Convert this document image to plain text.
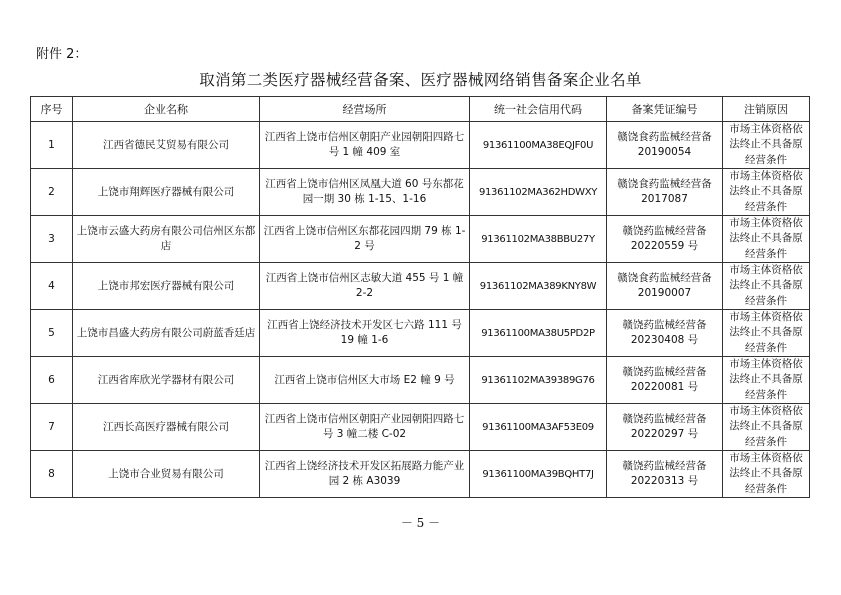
附件 2：
取消第二类医疗器械经营备案、医疗器械网络销售备案企业名单
序号	企业名称	经营场所	统一社会信用代码	备案凭证编号	注销原因
1	江西省德民艾贸易有限公司	江西省上饶市信州区朝阳产业园朝阳四路七号 1 幢 409 室	91361100MA38EQJF0U	赣饶食药监械经营备 20190054	市场主体资格依法终止不具备原经营条件
2	上饶市翔辉医疗器械有限公司	江西省上饶市信州区凤凰大道 60 号东都花园一期 30 栋 1-15、1-16	91361102MA362HDWXY	赣饶食药监械经营备 2017087	市场主体资格依法终止不具备原经营条件
3	上饶市云盛大药房有限公司信州区东都店	江西省上饶市信州区东都花园四期 79 栋 1-2 号	91361102MA38BBU27Y	赣饶药监械经营备 20220559 号	市场主体资格依法终止不具备原经营条件
4	上饶市邦宏医疗器械有限公司	江西省上饶市信州区志敏大道 455 号 1 幢 2-2	91361102MA389KNY8W	赣饶食药监械经营备 20190007	市场主体资格依法终止不具备原经营条件
5	上饶市昌盛大药房有限公司蔚蓝香廷店	江西省上饶经济技术开发区七六路 111 号 19 幢 1-6	91361100MA38U5PD2P	赣饶药监械经营备 20230408 号	市场主体资格依法终止不具备原经营条件
6	江西省库欣光学器材有限公司	江西省上饶市信州区大市场 E2 幢 9 号	91361102MA39389G76	赣饶药监械经营备 20220081 号	市场主体资格依法终止不具备原经营条件
7	江西长高医疗器械有限公司	江西省上饶市信州区朝阳产业园朝阳四路七号 3 幢二楼 C-02	91361100MA3AF53E09	赣饶药监械经营备 20220297 号	市场主体资格依法终止不具备原经营条件
8	上饶市合业贸易有限公司	江西省上饶经济技术开发区拓展路力能产业园 2 栋 A3039	91361100MA39BQHT7J	赣饶药监械经营备 20220313 号	市场主体资格依法终止不具备原经营条件
－ 5 －
